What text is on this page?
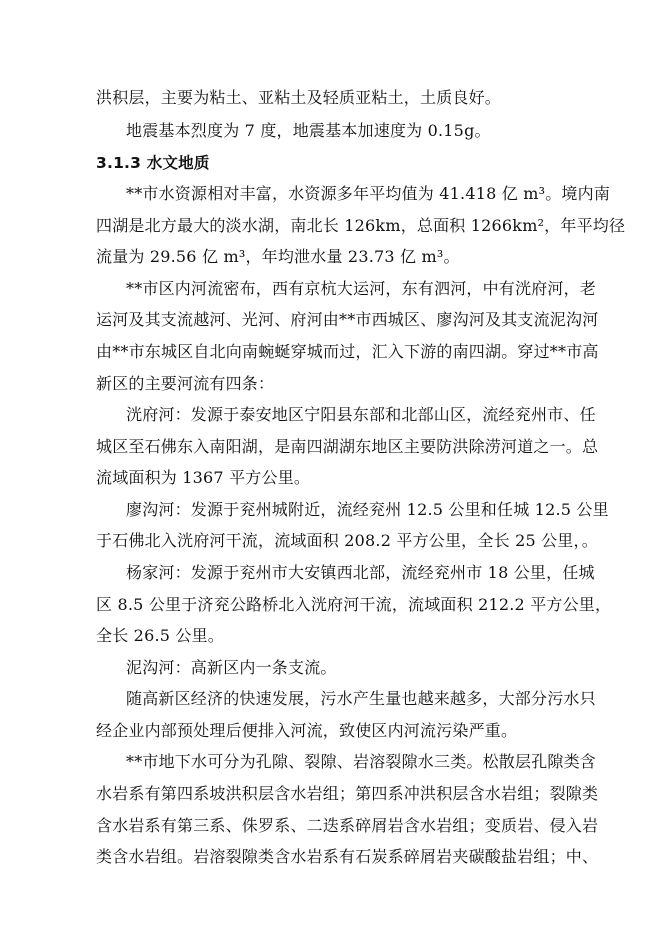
洪积层，主要为粘土、亚粘土及轻质亚粘土，土质良好。
地震基本烈度为 7 度，地震基本加速度为 0.15g。
3.1.3 水文地质
**市水资源相对丰富，水资源多年平均值为 41.418 亿 m³。境内南
四湖是北方最大的淡水湖，南北长 126km，总面积 1266km²，年平均径
流量为 29.56 亿 m³，年均泄水量 23.73 亿 m³。
**市区内河流密布，西有京杭大运河，东有泗河，中有洸府河，老
运河及其支流越河、光河、府河由**市西城区、廖沟河及其支流泥沟河
由**市东城区自北向南蜿蜒穿城而过，汇入下游的南四湖。穿过**市高
新区的主要河流有四条：
洸府河：发源于泰安地区宁阳县东部和北部山区，流经兖州市、任
城区至石佛东入南阳湖，是南四湖湖东地区主要防洪除涝河道之一。总
流域面积为 1367 平方公里。
廖沟河：发源于兖州城附近，流经兖州 12.5 公里和任城 12.5 公里
于石佛北入洸府河干流，流域面积 208.2 平方公里，全长 25 公里，。
杨家河：发源于兖州市大安镇西北部，流经兖州市 18 公里，任城
区 8.5 公里于济兖公路桥北入洸府河干流，流域面积 212.2 平方公里，
全长 26.5 公里。
泥沟河：高新区内一条支流。
随高新区经济的快速发展，污水产生量也越来越多，大部分污水只
经企业内部预处理后便排入河流，致使区内河流污染严重。
**市地下水可分为孔隙、裂隙、岩溶裂隙水三类。松散层孔隙类含
水岩系有第四系坡洪积层含水岩组；第四系冲洪积层含水岩组；裂隙类
含水岩系有第三系、侏罗系、二迭系碎屑岩含水岩组；变质岩、侵入岩
类含水岩组。岩溶裂隙类含水岩系有石炭系碎屑岩夹碳酸盐岩组；中、
